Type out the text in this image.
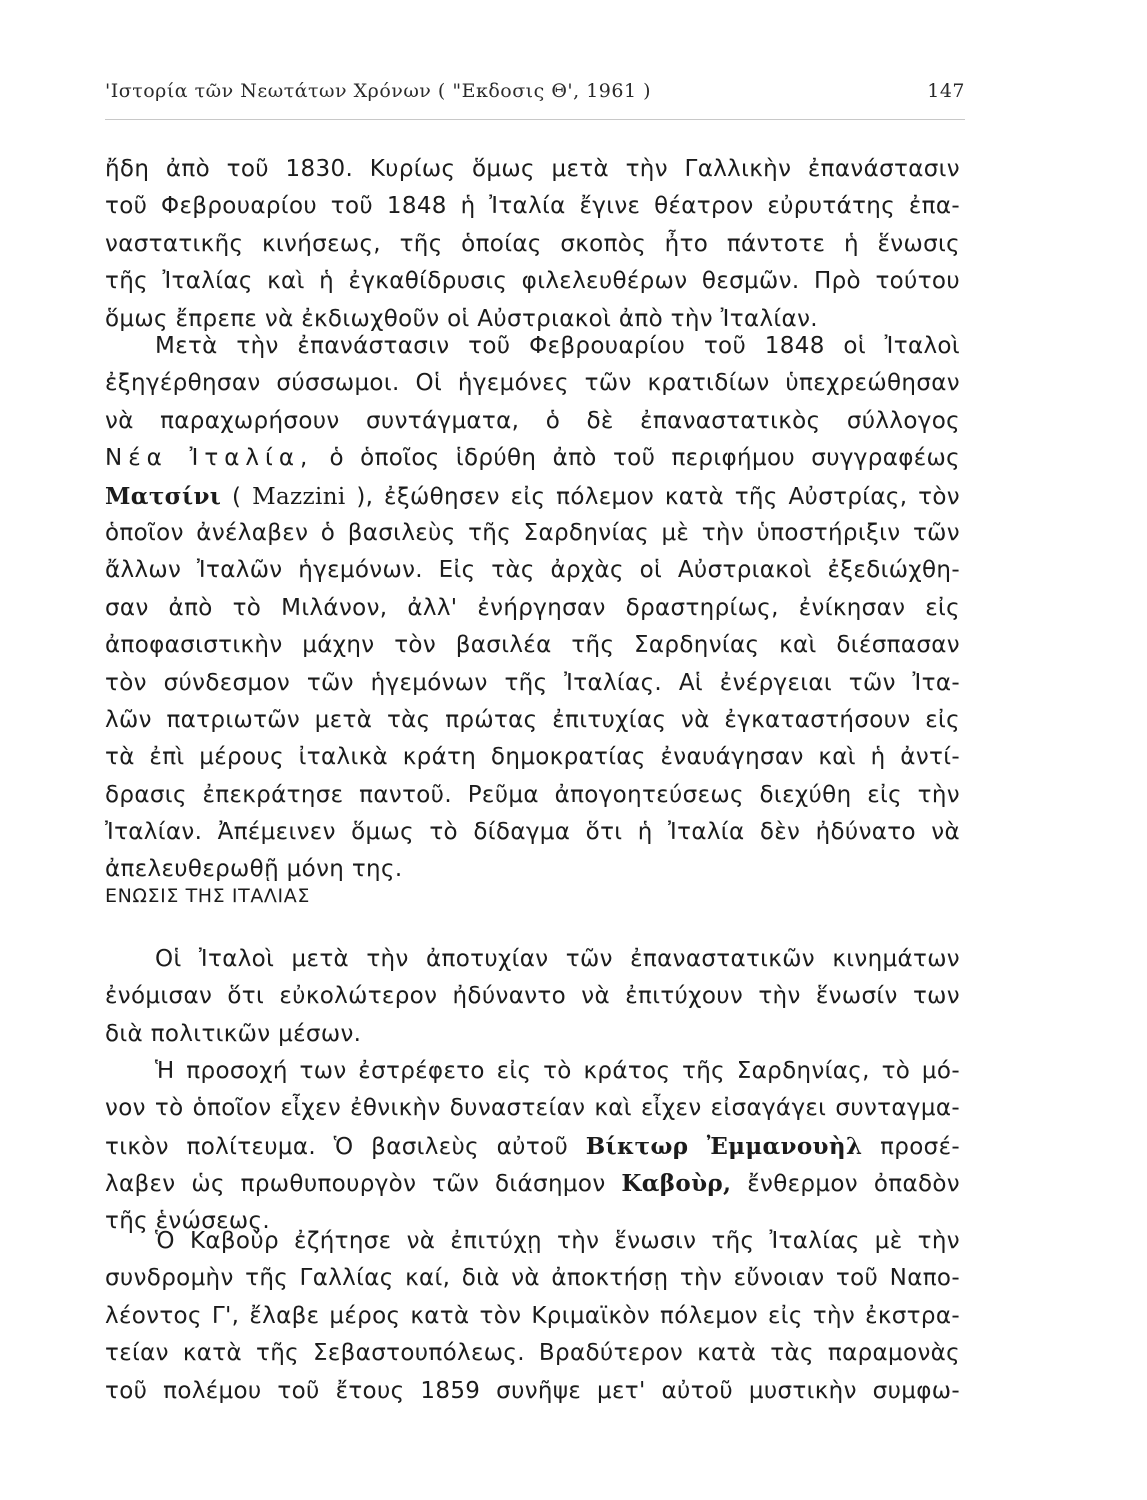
'Ιστορία τῶν Νεωτάτων Χρόνων ( "Εκδοσις Θ', 1961 )	147
ἤδη ἀπὸ τοῦ 1830. Κυρίως ὅμως μετὰ τὴν Γαλλικὴν ἐπανάστασιν
τοῦ Φεβρουαρίου τοῦ 1848 ἡ Ἰταλία ἔγινε θέατρον εὐρυτάτης ἐπα-
ναστατικῆς κινήσεως, τῆς ὁποίας σκοπὸς ἦτο πάντοτε ἡ ἕνωσις
τῆς Ἰταλίας καὶ ἡ ἐγκαθίδρυσις φιλελευθέρων θεσμῶν. Πρὸ τούτου
ὅμως ἔπρεπε νὰ ἐκδιωχθοῦν οἱ Αὐστριακοὶ ἀπὸ τὴν Ἰταλίαν.
Μετὰ τὴν ἐπανάστασιν τοῦ Φεβρουαρίου τοῦ 1848 οἱ Ἰταλοὶ
ἐξηγέρθησαν σύσσωμοι. Οἱ ἡγεμόνες τῶν κρατιδίων ὑπεχρεώθησαν
νὰ παραχωρήσουν συντάγματα, ὁ δὲ ἐπαναστατικὸς σύλλογος
Νέα Ἰταλία, ὁ ὁποῖος ἱδρύθη ἀπὸ τοῦ περιφήμου συγγραφέως
Ματσίνι ( Mazzini ), ἐξώθησεν εἰς πόλεμον κατὰ τῆς Αὐστρίας, τὸν
ὁποῖον ἀνέλαβεν ὁ βασιλεὺς τῆς Σαρδηνίας μὲ τὴν ὑποστήριξιν τῶν
ἄλλων Ἰταλῶν ἡγεμόνων. Εἰς τὰς ἀρχὰς οἱ Αὐστριακοὶ ἐξεδιώχθη-
σαν ἀπὸ τὸ Μιλάνον, ἀλλ' ἐνήργησαν δραστηρίως, ἐνίκησαν εἰς
ἀποφασιστικὴν μάχην τὸν βασιλέα τῆς Σαρδηνίας καὶ διέσπασαν
τὸν σύνδεσμον τῶν ἡγεμόνων τῆς Ἰταλίας. Αἱ ἐνέργειαι τῶν Ἰτα-
λῶν πατριωτῶν μετὰ τὰς πρώτας ἐπιτυχίας νὰ ἐγκαταστήσουν εἰς
τὰ ἐπὶ μέρους ἰταλικὰ κράτη δημοκρατίας ἐναυάγησαν καὶ ἡ ἀντί-
δρασις ἐπεκράτησε παντοῦ. Ρεῦμα ἀπογοητεύσεως διεχύθη εἰς τὴν
Ἰταλίαν. Ἀπέμεινεν ὅμως τὸ δίδαγμα ὅτι ἡ Ἰταλία δὲν ἠδύνατο νὰ
ἀπελευθερωθῇ μόνη της.
ΕΝΩΣΙΣ ΤΗΣ ΙΤΑΛΙΑΣ
Οἱ Ἰταλοὶ μετὰ τὴν ἀποτυχίαν τῶν ἐπαναστατικῶν κινημάτων
ἐνόμισαν ὅτι εὐκολώτερον ἠδύναντο νὰ ἐπιτύχουν τὴν ἕνωσίν των
διὰ πολιτικῶν μέσων.
Ἡ προσοχή των ἐστρέφετο εἰς τὸ κράτος τῆς Σαρδηνίας, τὸ μό-
νον τὸ ὁποῖον εἶχεν ἐθνικὴν δυναστείαν καὶ εἶχεν εἰσαγάγει συνταγμα-
τικὸν πολίτευμα. Ὁ βασιλεὺς αὐτοῦ Βίκτωρ Ἐμμανουὴλ προσέ-
λαβεν ὡς πρωθυπουργὸν τῶν διάσημον Καβοὺρ, ἔνθερμον ὀπαδὸν
τῆς ἑνώσεως.
Ὁ Καβοὺρ ἐζήτησε νὰ ἐπιτύχῃ τὴν ἕνωσιν τῆς Ἰταλίας μὲ τὴν
συνδρομὴν τῆς Γαλλίας καί, διὰ νὰ ἀποκτήσῃ τὴν εὔνοιαν τοῦ Ναπο-
λέοντος Γ', ἔλαβε μέρος κατὰ τὸν Κριμαϊκὸν πόλεμον εἰς τὴν ἐκστρα-
τείαν κατὰ τῆς Σεβαστουπόλεως. Βραδύτερον κατὰ τὰς παραμονὰς
τοῦ πολέμου τοῦ ἔτους 1859 συνῆψε μετ' αὐτοῦ μυστικὴν συμφω-
